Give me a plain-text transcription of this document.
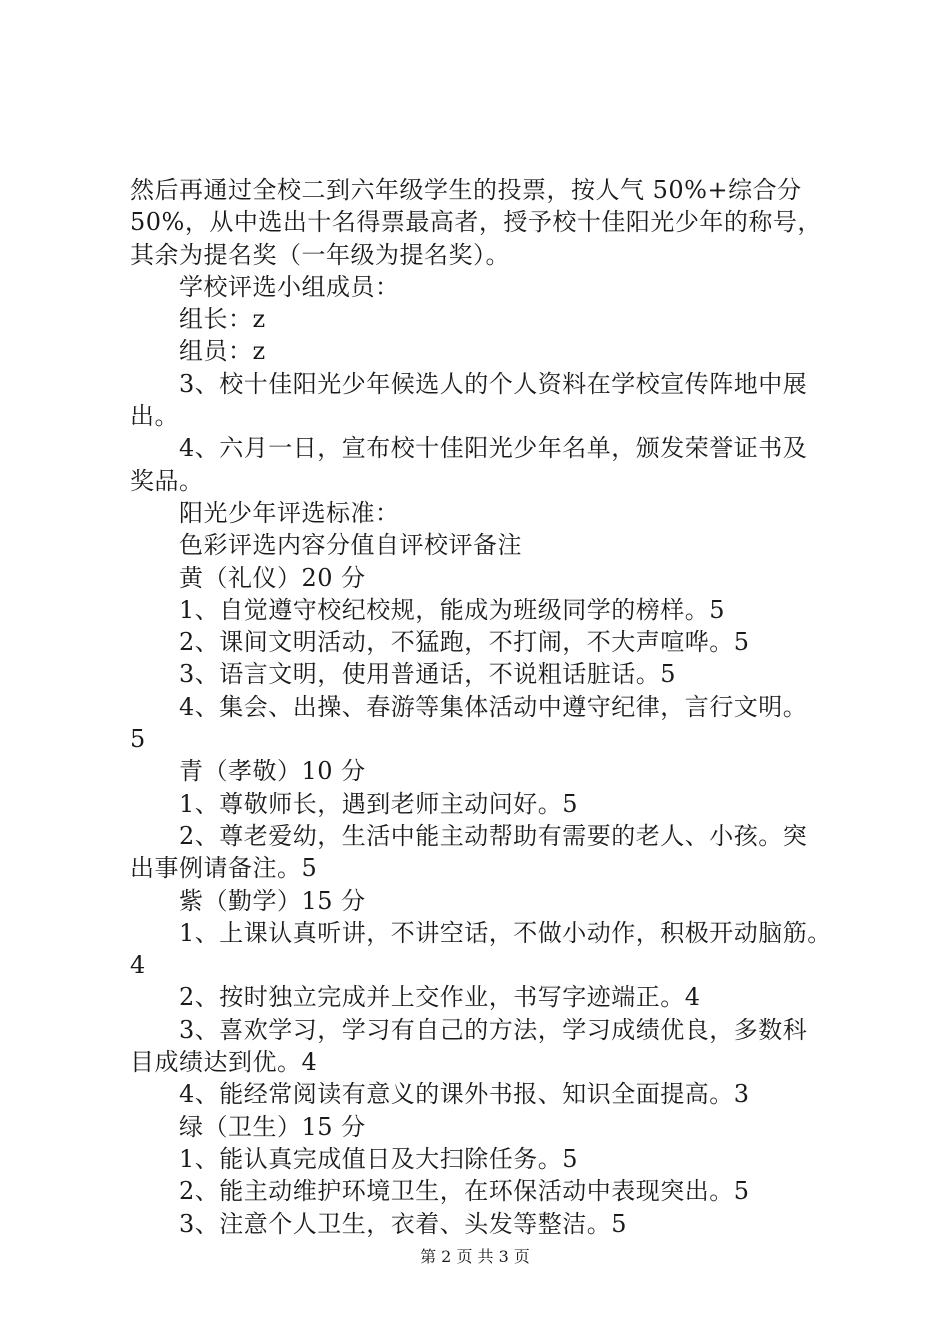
然后再通过全校二到六年级学生的投票，按人气 50%+综合分
50%，从中选出十名得票最高者，授予校十佳阳光少年的称号，
其余为提名奖（一年级为提名奖）。
学校评选小组成员：
组长：z
组员：z
3、校十佳阳光少年候选人的个人资料在学校宣传阵地中展
出。
4、六月一日，宣布校十佳阳光少年名单，颁发荣誉证书及
奖品。
阳光少年评选标准：
色彩评选内容分值自评校评备注
黄（礼仪）20 分
1、自觉遵守校纪校规，能成为班级同学的榜样。5
2、课间文明活动，不猛跑，不打闹，不大声喧哗。5
3、语言文明，使用普通话，不说粗话脏话。5
4、集会、出操、春游等集体活动中遵守纪律，言行文明。
5
青（孝敬）10 分
1、尊敬师长，遇到老师主动问好。5
2、尊老爱幼，生活中能主动帮助有需要的老人、小孩。突
出事例请备注。5
紫（勤学）15 分
1、上课认真听讲，不讲空话，不做小动作，积极开动脑筋。
4
2、按时独立完成并上交作业，书写字迹端正。4
3、喜欢学习，学习有自己的方法，学习成绩优良，多数科
目成绩达到优。4
4、能经常阅读有意义的课外书报、知识全面提高。3
绿（卫生）15 分
1、能认真完成值日及大扫除任务。5
2、能主动维护环境卫生，在环保活动中表现突出。5
3、注意个人卫生，衣着、头发等整洁。5
第 2 页 共 3 页
